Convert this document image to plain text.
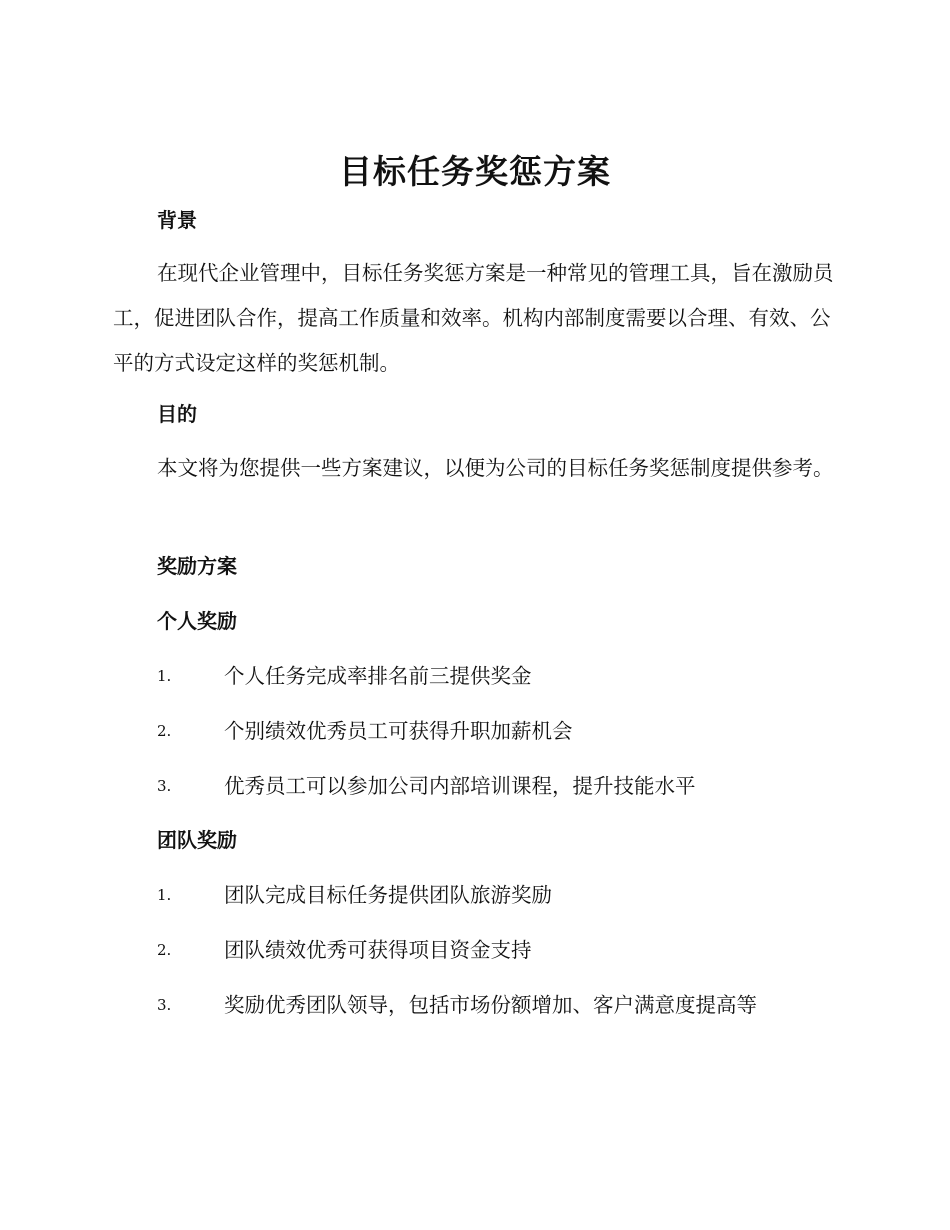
目标任务奖惩方案
背景

在现代企业管理中，目标任务奖惩方案是一种常见的管理工具，旨在激励员工，促进团队合作，提高工作质量和效率。机构内部制度需要以合理、有效、公平的方式设定这样的奖惩机制。

目的

本文将为您提供一些方案建议，以便为公司的目标任务奖惩制度提供参考。

奖励方案
个人奖励
1.	个人任务完成率排名前三提供奖金
2.	个别绩效优秀员工可获得升职加薪机会
3.	优秀员工可以参加公司内部培训课程，提升技能水平
团队奖励
1.	团队完成目标任务提供团队旅游奖励
2.	团队绩效优秀可获得项目资金支持
3.	奖励优秀团队领导，包括市场份额增加、客户满意度提高等
